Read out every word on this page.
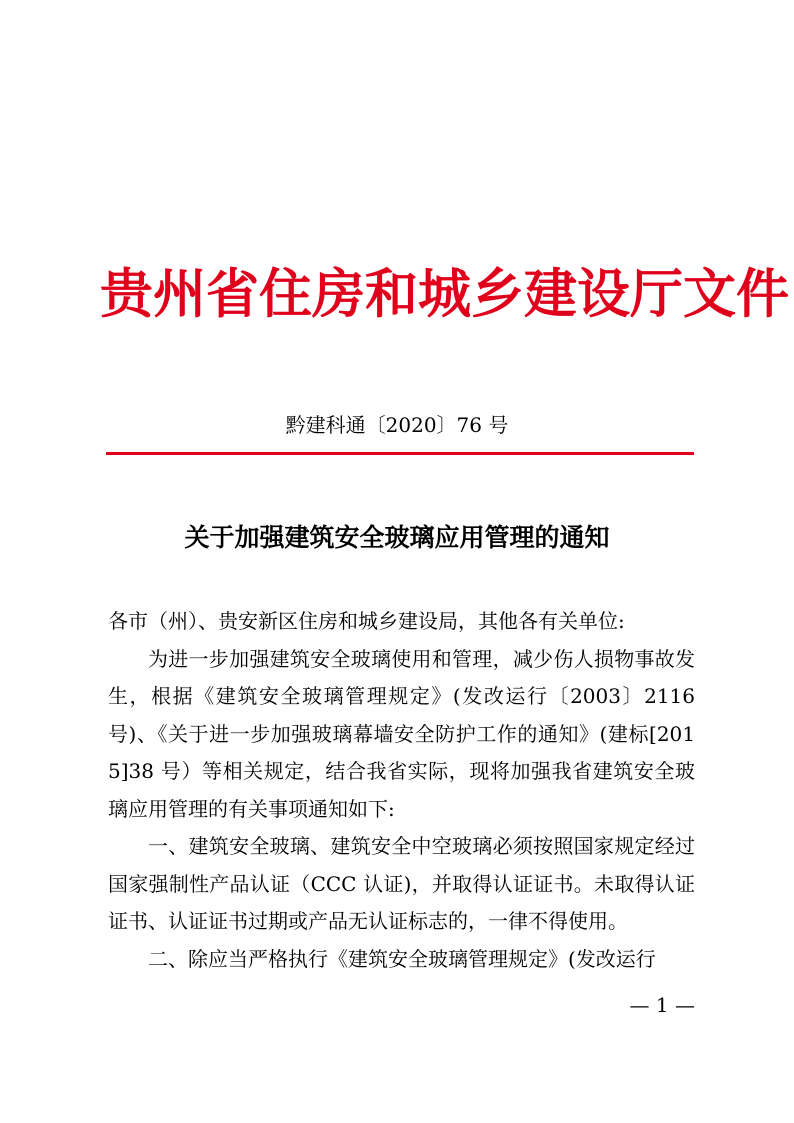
贵州省住房和城乡建设厅文件
黔建科通〔2020〕76 号
关于加强建筑安全玻璃应用管理的通知

各市（州）、贵安新区住房和城乡建设局，其他各有关单位:

为进一步加强建筑安全玻璃使用和管理，减少伤人损物事故发生，根据《建筑安全玻璃管理规定》(发改运行〔2003〕2116 号)、《关于进一步加强玻璃幕墙安全防护工作的通知》(建标[2015]38 号）等相关规定，结合我省实际，现将加强我省建筑安全玻璃应用管理的有关事项通知如下:

一、建筑安全玻璃、建筑安全中空玻璃必须按照国家规定经过国家强制性产品认证（CCC 认证)，并取得认证证书。未取得认证证书、认证证书过期或产品无认证标志的，一律不得使用。

二、除应当严格执行《建筑安全玻璃管理规定》(发改运行

— 1 —
